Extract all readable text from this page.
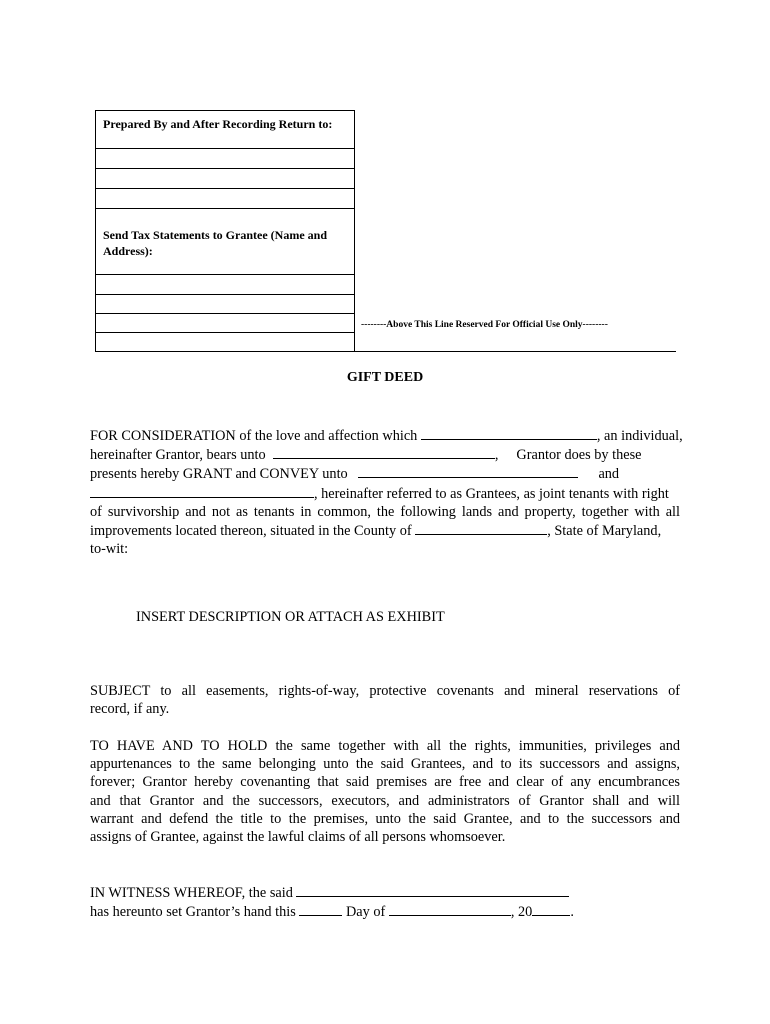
Prepared By and After Recording Return to:
Send Tax Statements to Grantee (Name and Address):
--------Above This Line Reserved For Official Use Only--------
GIFT DEED
FOR CONSIDERATION of the love and affection which	, an individual,
hereinafter Grantor, bears unto	, Grantor does by these
presents hereby GRANT and CONVEY unto	and
, hereinafter referred to as Grantees, as joint tenants with right
of survivorship and not as tenants in common, the following lands and property, together with all
improvements located thereon, situated in the County of	, State of Maryland,
to-wit:
INSERT DESCRIPTION OR ATTACH AS EXHIBIT
SUBJECT to all easements, rights-of-way, protective covenants and mineral reservations of
record, if any.
TO HAVE AND TO HOLD the same together with all the rights, immunities, privileges and
appurtenances to the same belonging unto the said Grantees, and to its successors and assigns,
forever; Grantor hereby covenanting that said premises are free and clear of any encumbrances
and that Grantor and the successors, executors, and administrators of Grantor shall and will
warrant and defend the title to the premises, unto the said Grantee, and to the successors and
assigns of Grantee, against the lawful claims of all persons whomsoever.
IN WITNESS WHEREOF, the said
has hereunto set Grantor’s hand this	Day of	, 20	.
